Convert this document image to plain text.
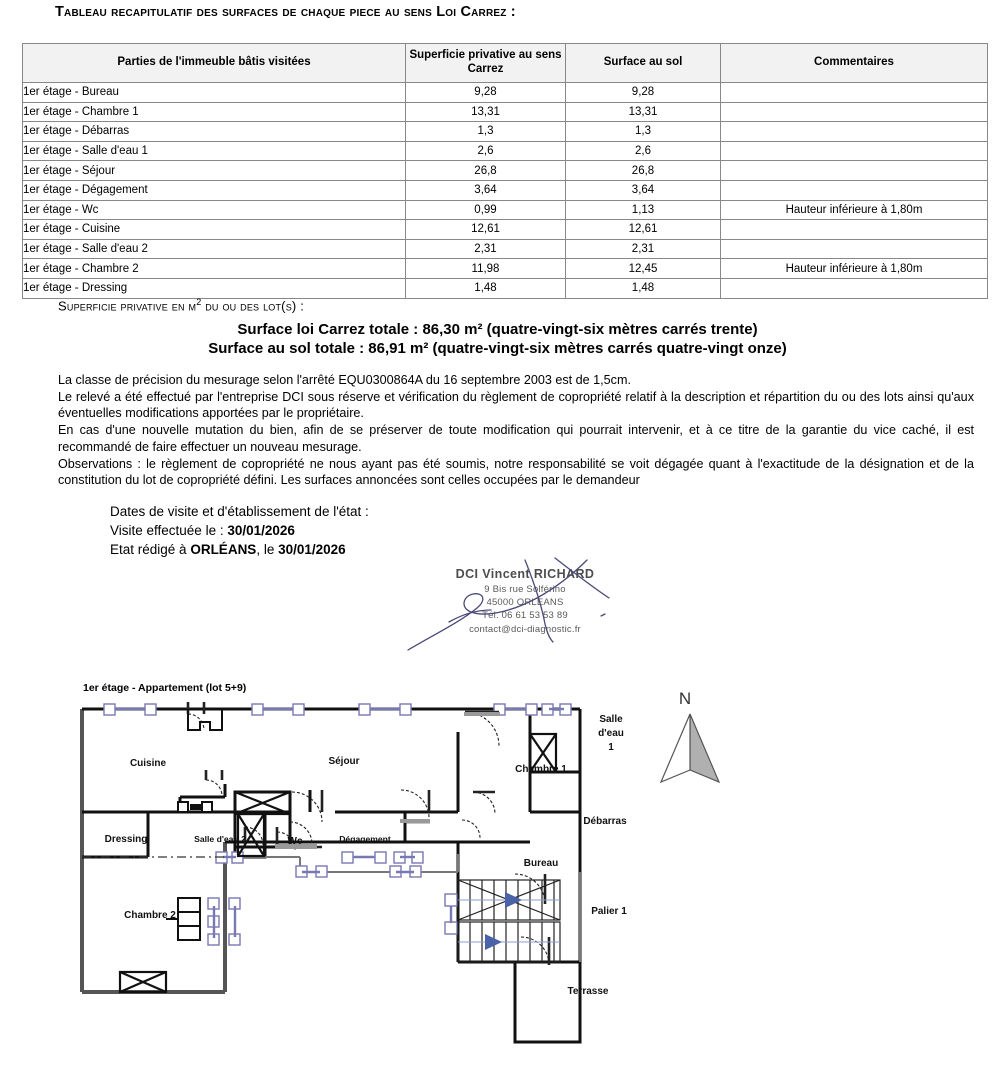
Tableau recapitulatif des surfaces de chaque piece au sens Loi Carrez :
Parties de l'immeuble bâtis visitées	Superficie privative au sens Carrez	Surface au sol	Commentaires
1er étage - Bureau	9,28	9,28	
1er étage - Chambre 1	13,31	13,31	
1er étage - Débarras	1,3	1,3	
1er étage - Salle d'eau 1	2,6	2,6	
1er étage - Séjour	26,8	26,8	
1er étage - Dégagement	3,64	3,64	
1er étage - Wc	0,99	1,13	Hauteur inférieure à 1,80m
1er étage - Cuisine	12,61	12,61	
1er étage - Salle d'eau 2	2,31	2,31	
1er étage - Chambre 2	11,98	12,45	Hauteur inférieure à 1,80m
1er étage - Dressing	1,48	1,48	
Superficie privative en $m^2$ du ou des lot(s) :
Surface loi Carrez totale : 86,30 m² (quatre-vingt-six mètres carrés trente)
Surface au sol totale : 86,91 m² (quatre-vingt-six mètres carrés quatre-vingt onze)

La classe de précision du mesurage selon l'arrêté EQU0300864A du 16 septembre 2003 est de 1,5cm.

Le relevé a été effectué par l'entreprise DCI sous réserve et vérification du règlement de copropriété relatif à la description et répartition du ou des lots ainsi qu'aux éventuelles modifications apportées par le propriétaire.

En cas d'une nouvelle mutation du bien, afin de se préserver de toute modification qui pourrait intervenir, et à ce titre de la garantie du vice caché, il est recommandé de faire effectuer un nouveau mesurage.

Observations : le règlement de copropriété ne nous ayant pas été soumis, notre responsabilité se voit dégagée quant à l'exactitude de la désignation et de la constitution du lot de copropriété défini. Les surfaces annoncées sont celles occupées par le demandeur

Dates de visite et d'établissement de l'état :
Visite effectuée le : 30/01/2026
Etat rédigé à ORLÉANS, le 30/01/2026
DCI Vincent RICHARD
9 Bis rue Solférino
45000 ORLEANS
Tél. 06 61 53 53 89
contact@dci-diagnostic.fr
1er étage - Appartement (lot 5+9)
Cuisine	Séjour
Chambre 1
Salle
d'eau
1
Débarras
Dressing	Salle d'eau 2	Wc	Dégagement
Bureau
Chambre 2	Palier 1
Terrasse
N
